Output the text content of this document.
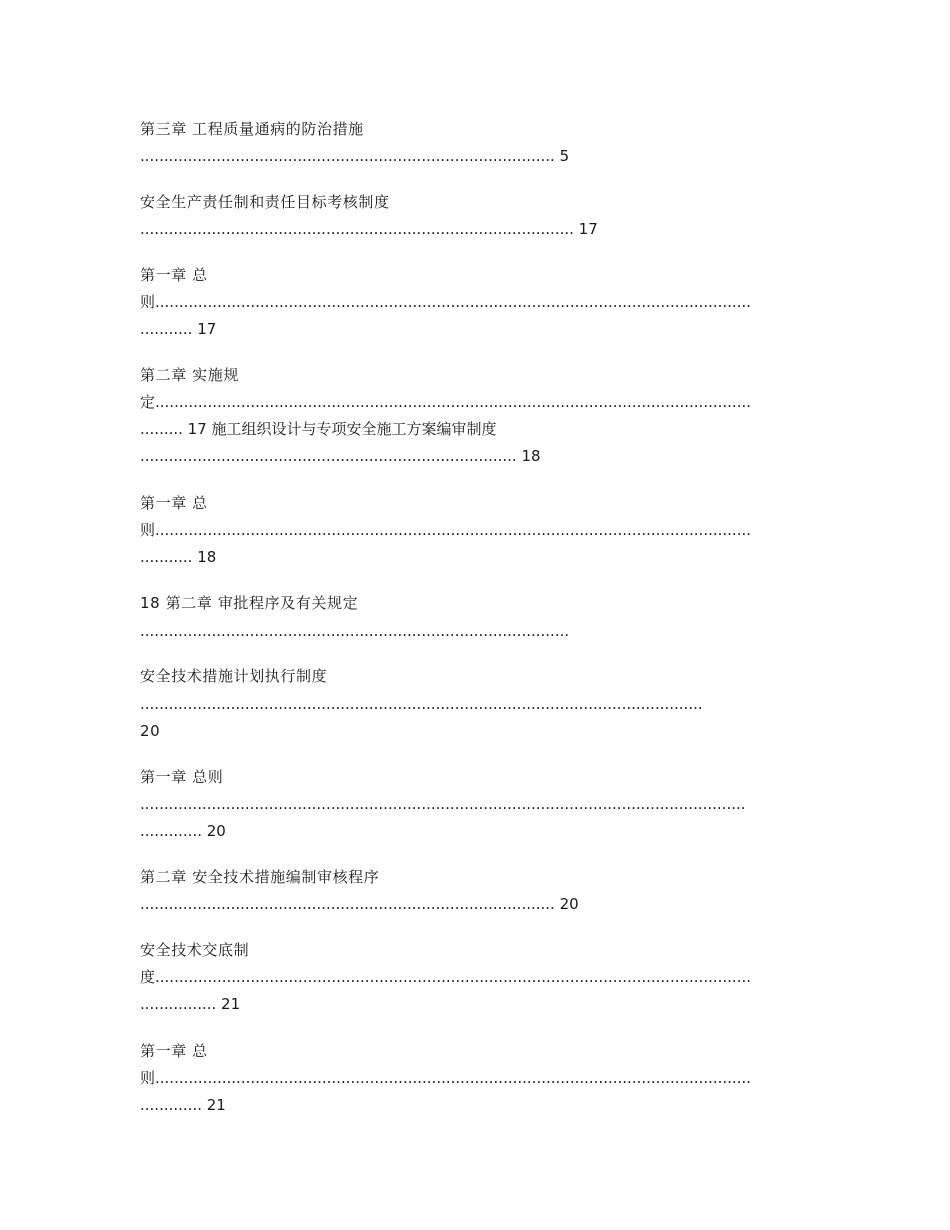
第三章 工程质量通病的防治措施
....................................................................................... 5
安全生产责任制和责任目标考核制度
........................................................................................... 17
第一章 总
则.............................................................................................................................
........... 17
第二章 实施规
定.............................................................................................................................
......... 17 施工组织设计与专项安全施工方案编审制度
............................................................................... 18
第一章 总
则.............................................................................................................................
........... 18
18 第二章 审批程序及有关规定
..........................................................................................
安全技术措施计划执行制度
......................................................................................................................
20
第一章 总则
...............................................................................................................................
............. 20
第二章 安全技术措施编制审核程序
....................................................................................... 20
安全技术交底制
度.............................................................................................................................
................ 21
第一章 总
则.............................................................................................................................
............. 21
